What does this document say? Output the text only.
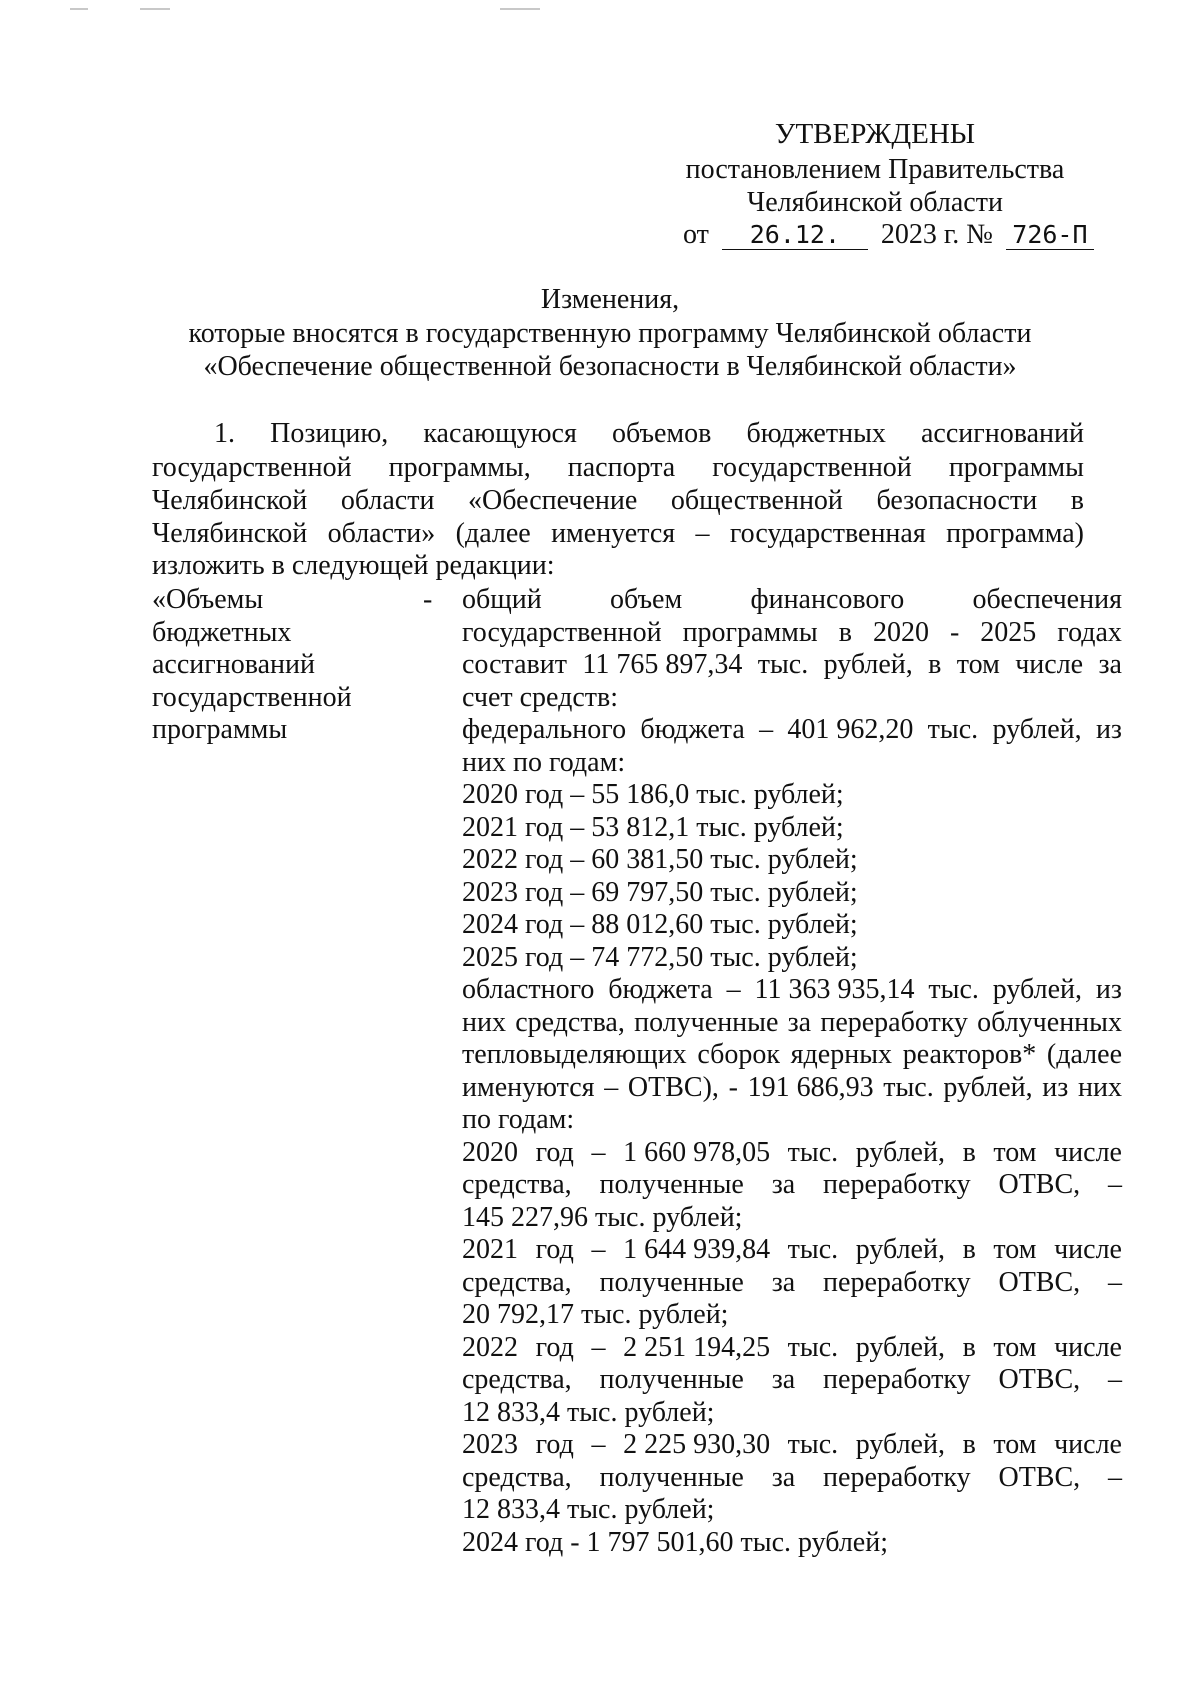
УТВЕРЖДЕНЫ
постановлением Правительства
Челябинской области
от 26.12. 2023 г. № 726-П
Изменения,
которые вносятся в государственную программу Челябинской области
«Обеспечение общественной безопасности в Челябинской области»
1. Позицию, касающуюся объемов бюджетных ассигнований
государственной программы, паспорта государственной программы
Челябинской области «Обеспечение общественной безопасности в
Челябинской области» (далее именуется – государственная программа)
изложить в следующей редакции:
«Объемы
бюджетных
ассигнований
государственной
программы
- общий объем финансового обеспечения
государственной программы в 2020 - 2025 годах
составит 11 765 897,34 тыс. рублей, в том числе за
счет средств:
федерального бюджета – 401 962,20 тыс. рублей, из
них по годам:
2020 год – 55 186,0 тыс. рублей;
2021 год – 53 812,1 тыс. рублей;
2022 год – 60 381,50 тыс. рублей;
2023 год – 69 797,50 тыс. рублей;
2024 год – 88 012,60 тыс. рублей;
2025 год – 74 772,50 тыс. рублей;
областного бюджета – 11 363 935,14 тыс. рублей, из
них средства, полученные за переработку облученных
тепловыделяющих сборок ядерных реакторов* (далее
именуются – ОТВС), - 191 686,93 тыс. рублей, из них
по годам:
2020 год – 1 660 978,05 тыс. рублей, в том числе
средства, полученные за переработку ОТВС, –
145 227,96 тыс. рублей;
2021 год – 1 644 939,84 тыс. рублей, в том числе
средства, полученные за переработку ОТВС, –
20 792,17 тыс. рублей;
2022 год – 2 251 194,25 тыс. рублей, в том числе
средства, полученные за переработку ОТВС, –
12 833,4 тыс. рублей;
2023 год – 2 225 930,30 тыс. рублей, в том числе
средства, полученные за переработку ОТВС, –
12 833,4 тыс. рублей;
2024 год - 1 797 501,60 тыс. рублей;
